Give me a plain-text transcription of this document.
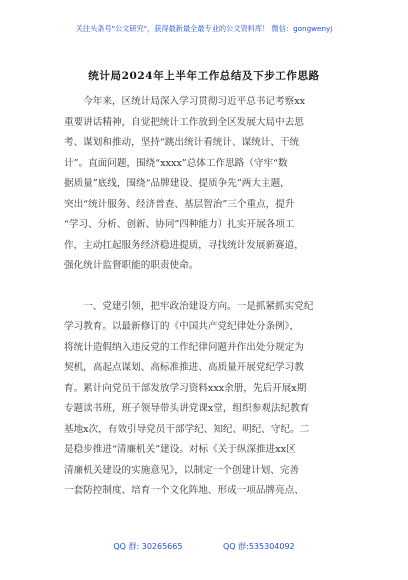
关注头条号"公文研究"，获得最新最全最专业的公文资料库！ 微信：gongwenyj
统计局2024年上半年工作总结及下步工作思路

　　今年来，区统计局深入学习贯彻习近平总书记考察xx
重要讲话精神，自觉把统计工作放到全区发展大局中去思
考、谋划和推动，坚持“跳出统计看统计、谋统计、干统
计”。直面问题，围绕“xxxx”总体工作思路（守牢“数
据质量”底线，围绕“品牌建设、提质争先”两大主题，
突出“统计服务、经济普查、基层智治”三个重点，提升
“学习、分析、创新、协同”四种能力）扎实开展各项工
作，主动扛起服务经济稳进提质，寻找统计发展新赛道，
强化统计监督职能的职责使命。

　　一、党建引领，把牢政治建设方向。一是抓紧抓实党纪
学习教育。以最新修订的《中国共产党纪律处分条例》，
将统计造假纳入违反党的工作纪律问题并作出处分规定为
契机，高起点谋划、高标准推进、高质量开展党纪学习教
育。累计向党员干部发放学习资料xxx余册，先后开展x期
专题读书班，班子领导带头讲党课x堂，组织参观法纪教育
基地x次，有效引导党员干部学纪、知纪、明纪、守纪。二
是稳步推进“清廉机关”建设。对标《关于纵深推进xx区
清廉机关建设的实施意见》，以制定一个创建计划、完善
一套防控制度、培育一个文化阵地、形成一项品牌亮点、

QQ 群: 30265665	QQ 群:535304092
